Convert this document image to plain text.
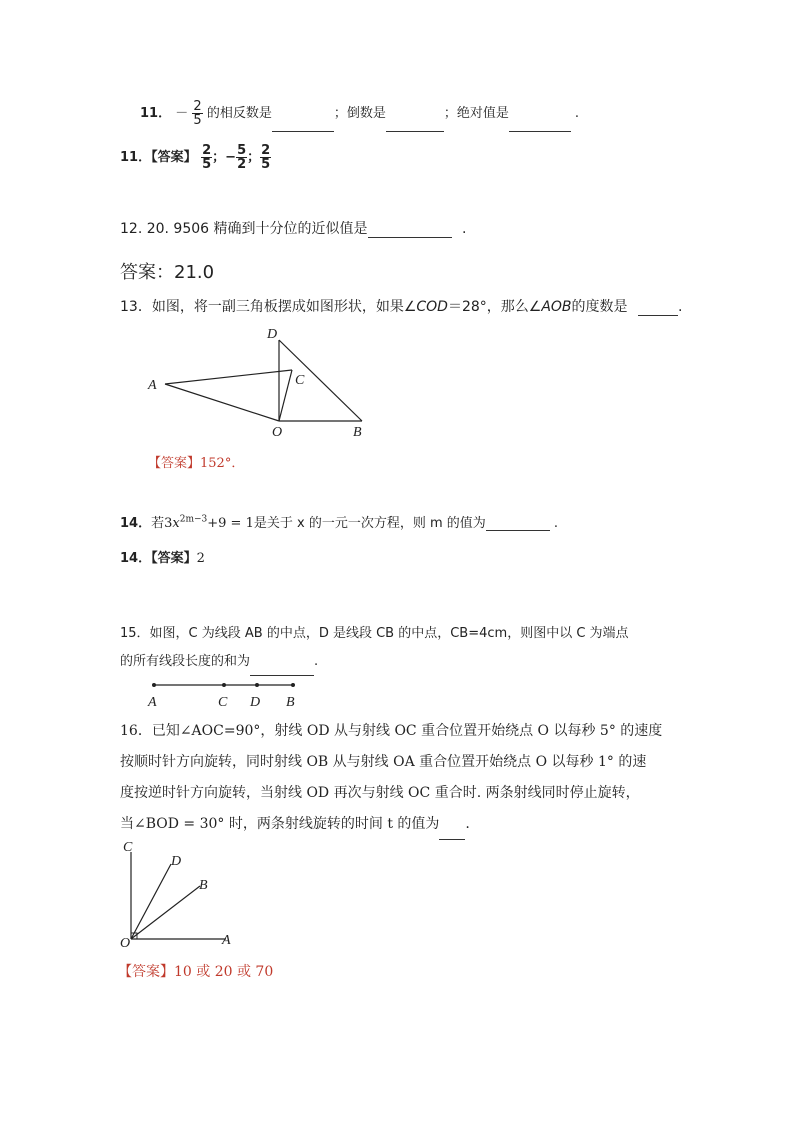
11． － $\frac{2}{5}$ 的相反数是	；倒数是	；绝对值是	.
11．【答案】 $\frac{2}{5}$ ；− $\frac{5}{2}$ ； $\frac{2}{5}$
12. 20. 9506 精确到十分位的近似值是	.
答案：21.0
13．如图，将一副三角板摆成如图形状，如果∠COD＝28°，那么∠AOB的度数是	.
D
C
A
O	B
【答案】152°．
14．若$3x^{2m-3}+9 = 1$是关于 x 的一元一次方程，则 m 的值为	.
14．【答案】2
15．如图，C 为线段 AB 的中点，D 是线段 CB 的中点，CB=4cm，则图中以 C 为端点
的所有线段长度的和为	.
A	C D B
16．已知∠AOC=90°，射线 OD 从与射线 OC 重合位置开始绕点 O 以每秒 5° 的速度
按顺时针方向旋转，同时射线 OB 从与射线 OA 重合位置开始绕点 O 以每秒 1° 的速
度按逆时针方向旋转，当射线 OD 再次与射线 OC 重合时. 两条射线同时停止旋转，
当∠BOD = 30° 时，两条射线旋转的时间 t 的值为 .
C
D
B
O	A
【答案】10 或 20 或 70
